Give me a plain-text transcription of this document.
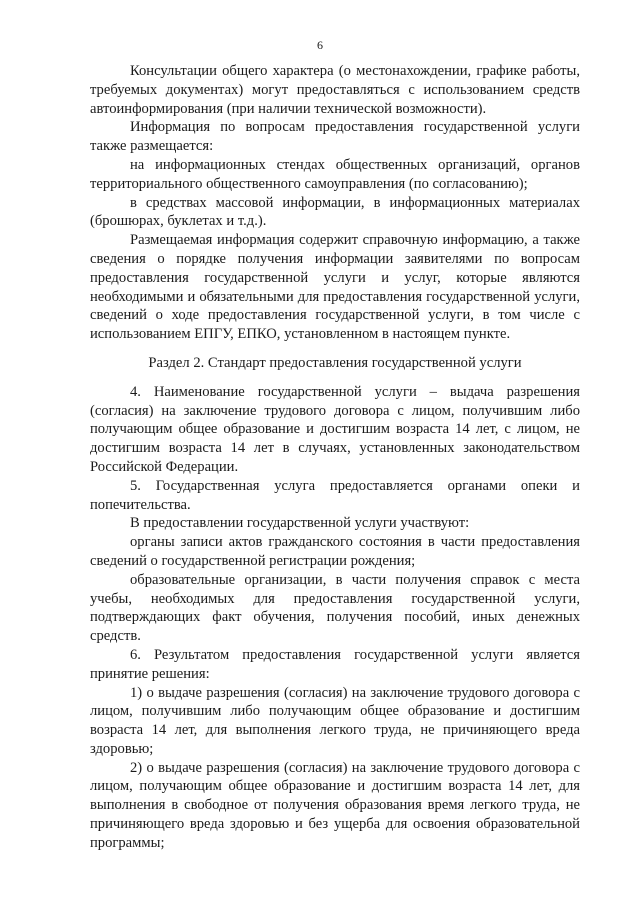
6

Консультации общего характера (о местонахождении, графике работы, требуемых документах) могут предоставляться с использованием средств автоинформирования (при наличии технической возможности).

Информация по вопросам предоставления государственной услуги также размещается:

на информационных стендах общественных организаций, органов территориального общественного самоуправления (по согласованию);

в средствах массовой информации, в информационных материалах (брошюрах, буклетах и т.д.).

Размещаемая информация содержит справочную информацию, а также сведения о порядке получения информации заявителями по вопросам предоставления государственной услуги и услуг, которые являются необходимыми и обязательными для предоставления государственной услуги, сведений о ходе предоставления государственной услуги, в том числе с использованием ЕПГУ, ЕПКО, установленном в настоящем пункте.

Раздел 2. Стандарт предоставления государственной услуги

4. Наименование государственной услуги – выдача разрешения (согласия) на заключение трудового договора с лицом, получившим либо получающим общее образование и достигшим возраста 14 лет, с лицом, не достигшим возраста 14 лет в случаях, установленных законодательством Российской Федерации.

5. Государственная услуга предоставляется органами опеки и попечительства.

В предоставлении государственной услуги участвуют:

органы записи актов гражданского состояния в части предоставления сведений о государственной регистрации рождения;

образовательные организации, в части получения справок с места учебы, необходимых для предоставления государственной услуги, подтверждающих факт обучения, получения пособий, иных денежных средств.

6. Результатом предоставления государственной услуги является принятие решения:

1) о выдаче разрешения (согласия) на заключение трудового договора с лицом, получившим либо получающим общее образование и достигшим возраста 14 лет, для выполнения легкого труда, не причиняющего вреда здоровью;

2) о выдаче разрешения (согласия) на заключение трудового договора с лицом, получающим общее образование и достигшим возраста 14 лет, для выполнения в свободное от получения образования время легкого труда, не причиняющего вреда здоровью и без ущерба для освоения образовательной программы;
